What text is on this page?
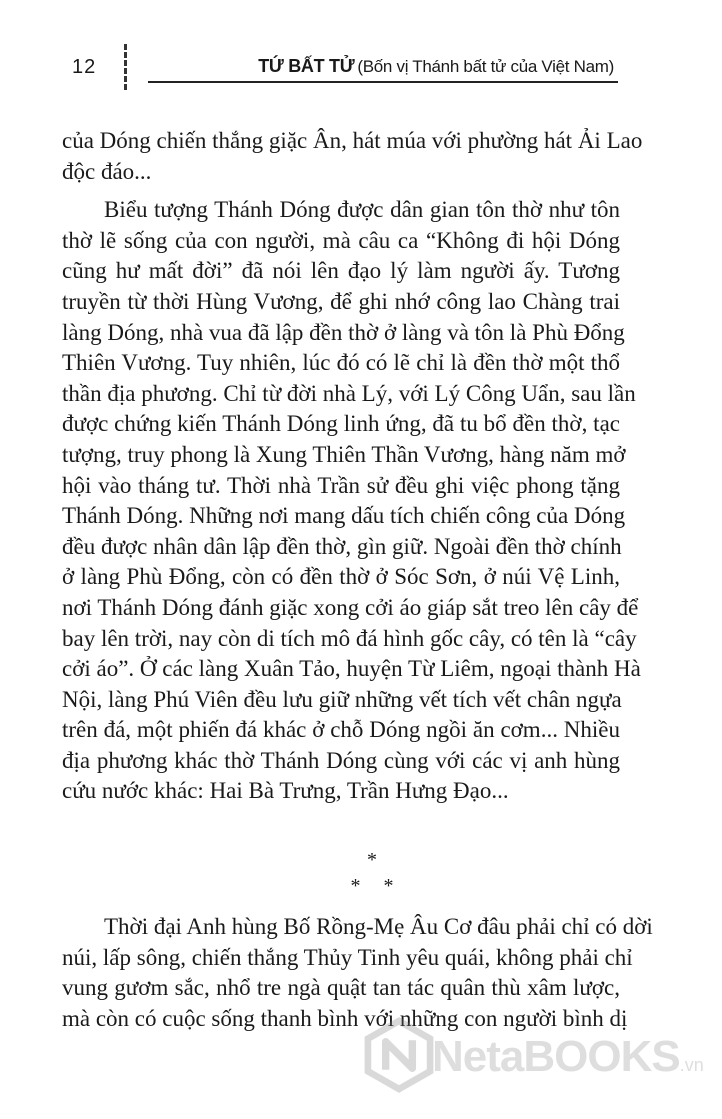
12	TỨ BẤT TỬ (Bốn vị Thánh bất tử của Việt Nam)
của Dóng chiến thắng giặc Ân, hát múa với phường hát Ải Lao
độc đáo...
Biểu tượng Thánh Dóng được dân gian tôn thờ như tôn
thờ lẽ sống của con người, mà câu ca “Không đi hội Dóng
cũng hư mất đời” đã nói lên đạo lý làm người ấy. Tương
truyền từ thời Hùng Vương, để ghi nhớ công lao Chàng trai
làng Dóng, nhà vua đã lập đền thờ ở làng và tôn là Phù Đổng
Thiên Vương. Tuy nhiên, lúc đó có lẽ chỉ là đền thờ một thổ
thần địa phương. Chỉ từ đời nhà Lý, với Lý Công Uẩn, sau lần
được chứng kiến Thánh Dóng linh ứng, đã tu bổ đền thờ, tạc
tượng, truy phong là Xung Thiên Thần Vương, hàng năm mở
hội vào tháng tư. Thời nhà Trần sử đều ghi việc phong tặng
Thánh Dóng. Những nơi mang dấu tích chiến công của Dóng
đều được nhân dân lập đền thờ, gìn giữ. Ngoài đền thờ chính
ở làng Phù Đổng, còn có đền thờ ở Sóc Sơn, ở núi Vệ Linh,
nơi Thánh Dóng đánh giặc xong cởi áo giáp sắt treo lên cây để
bay lên trời, nay còn di tích mô đá hình gốc cây, có tên là “cây
cởi áo”. Ở các làng Xuân Tảo, huyện Từ Liêm, ngoại thành Hà
Nội, làng Phú Viên đều lưu giữ những vết tích vết chân ngựa
trên đá, một phiến đá khác ở chỗ Dóng ngồi ăn cơm... Nhiều
địa phương khác thờ Thánh Dóng cùng với các vị anh hùng
cứu nước khác: Hai Bà Trưng, Trần Hưng Đạo...
*
* *
Thời đại Anh hùng Bố Rồng-Mẹ Âu Cơ đâu phải chỉ có dời
núi, lấp sông, chiến thắng Thủy Tinh yêu quái, không phải chỉ
vung gươm sắc, nhổ tre ngà quật tan tác quân thù xâm lược,
mà còn có cuộc sống thanh bình với những con người bình dị
NetaBOOKS.vn
